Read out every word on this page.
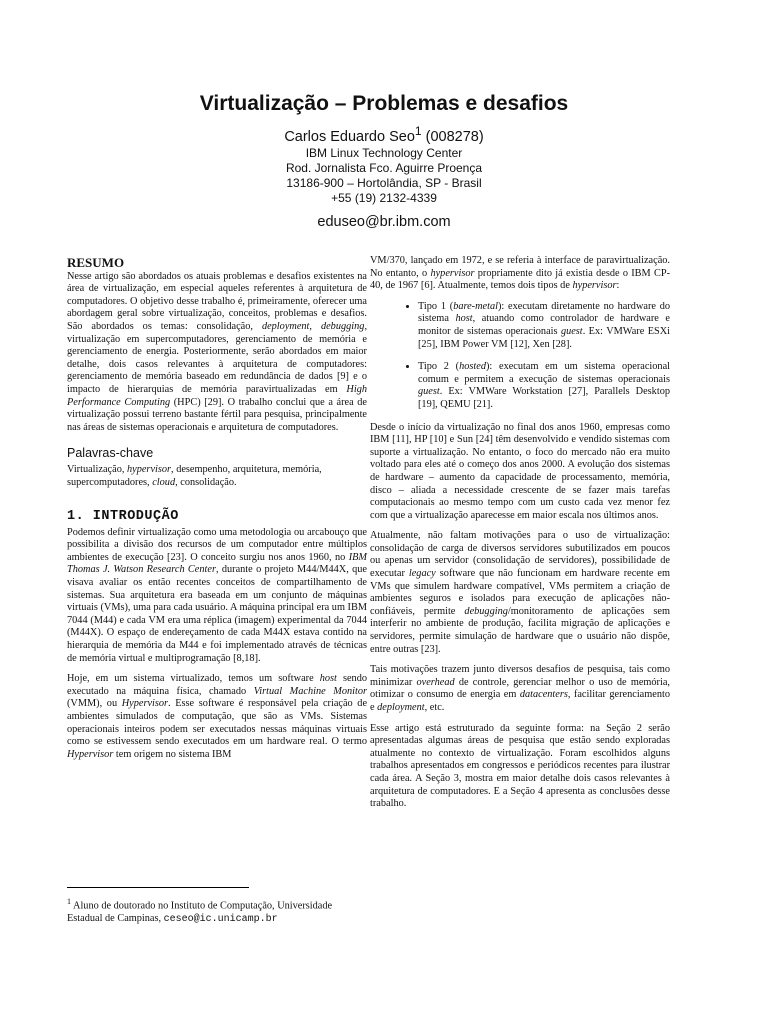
Virtualização – Problemas e desafios
Carlos Eduardo Seo$^1$ (008278)
IBM Linux Technology Center
Rod. Jornalista Fco. Aguirre Proença
13186-900 – Hortolândia, SP - Brasil
+55 (19) 2132-4339
eduseo@br.ibm.com
RESUMO

Nesse artigo são abordados os atuais problemas e desafios existentes na área de virtualização, em especial aqueles referentes à arquitetura de computadores. O objetivo desse trabalho é, primeiramente, oferecer uma abordagem geral sobre virtualização, conceitos, problemas e desafios. São abordados os temas: consolidação, deployment, debugging, virtualização em supercomputadores, gerenciamento de memória e gerenciamento de energia. Posteriormente, serão abordados em maior detalhe, dois casos relevantes à arquitetura de computadores: gerenciamento de memória baseado em redundância de dados [9] e o impacto de hierarquias de memória paravirtualizadas em High Performance Computing (HPC) [29]. O trabalho conclui que a área de virtualização possui terreno bastante fértil para pesquisa, principalmente nas áreas de sistemas operacionais e arquitetura de computadores.

Palavras-chave

Virtualização, hypervisor, desempenho, arquitetura, memória, supercomputadores, cloud, consolidação.

1. INTRODUÇÃO

Podemos definir virtualização como uma metodologia ou arcabouço que possibilita a divisão dos recursos de um computador entre múltiplos ambientes de execução [23]. O conceito surgiu nos anos 1960, no IBM Thomas J. Watson Research Center, durante o projeto M44/M44X, que visava avaliar os então recentes conceitos de compartilhamento de sistemas. Sua arquitetura era baseada em um conjunto de máquinas virtuais (VMs), uma para cada usuário. A máquina principal era um IBM 7044 (M44) e cada VM era uma réplica (imagem) experimental da 7044 (M44X). O espaço de endereçamento de cada M44X estava contido na hierarquia de memória da M44 e foi implementado através de técnicas de memória virtual e multiprogramação [8,18].

Hoje, em um sistema virtualizado, temos um software host sendo executado na máquina física, chamado Virtual Machine Monitor (VMM), ou Hypervisor. Esse software é responsável pela criação de ambientes simulados de computação, que são as VMs. Sistemas operacionais inteiros podem ser executados nessas máquinas virtuais como se estivessem sendo executados em um hardware real. O termo Hypervisor tem origem no sistema IBM

$^1$ Aluno de doutorado no Instituto de Computação, Universidade Estadual de Campinas, ceseo@ic.unicamp.br

VM/370, lançado em 1972, e se referia à interface de paravirtualização. No entanto, o hypervisor propriamente dito já existia desde o IBM CP-40, de 1967 [6]. Atualmente, temos dois tipos de hypervisor:

• Tipo 1 (bare-metal): executam diretamente no hardware do sistema host, atuando como controlador de hardware e monitor de sistemas operacionais guest. Ex: VMWare ESXi [25], IBM Power VM [12], Xen [28].
• Tipo 2 (hosted): executam em um sistema operacional comum e permitem a execução de sistemas operacionais guest. Ex: VMWare Workstation [27], Parallels Desktop [19], QEMU [21].

Desde o início da virtualização no final dos anos 1960, empresas como IBM [11], HP [10] e Sun [24] têm desenvolvido e vendido sistemas com suporte a virtualização. No entanto, o foco do mercado não era muito voltado para eles até o começo dos anos 2000. A evolução dos sistemas de hardware – aumento da capacidade de processamento, memória, disco – aliada a necessidade crescente de se fazer mais tarefas computacionais ao mesmo tempo com um custo cada vez menor fez com que a virtualização aparecesse em maior escala nos últimos anos.

Atualmente, não faltam motivações para o uso de virtualização: consolidação de carga de diversos servidores subutilizados em poucos ou apenas um servidor (consolidação de servidores), possibilidade de executar legacy software que não funcionam em hardware recente em VMs que simulem hardware compatível, VMs permitem a criação de ambientes seguros e isolados para execução de aplicações não-confiáveis, permite debugging/monitoramento de aplicações sem interferir no ambiente de produção, facilita migração de aplicações e servidores, permite simulação de hardware que o usuário não dispõe, entre outras [23].

Tais motivações trazem junto diversos desafios de pesquisa, tais como minimizar overhead de controle, gerenciar melhor o uso de memória, otimizar o consumo de energia em datacenters, facilitar gerenciamento e deployment, etc.

Esse artigo está estruturado da seguinte forma: na Seção 2 serão apresentadas algumas áreas de pesquisa que estão sendo exploradas atualmente no contexto de virtualização. Foram escolhidos alguns trabalhos apresentados em congressos e periódicos recentes para ilustrar cada área. A Seção 3, mostra em maior detalhe dois casos relevantes à arquitetura de computadores. E a Seção 4 apresenta as conclusões desse trabalho.
